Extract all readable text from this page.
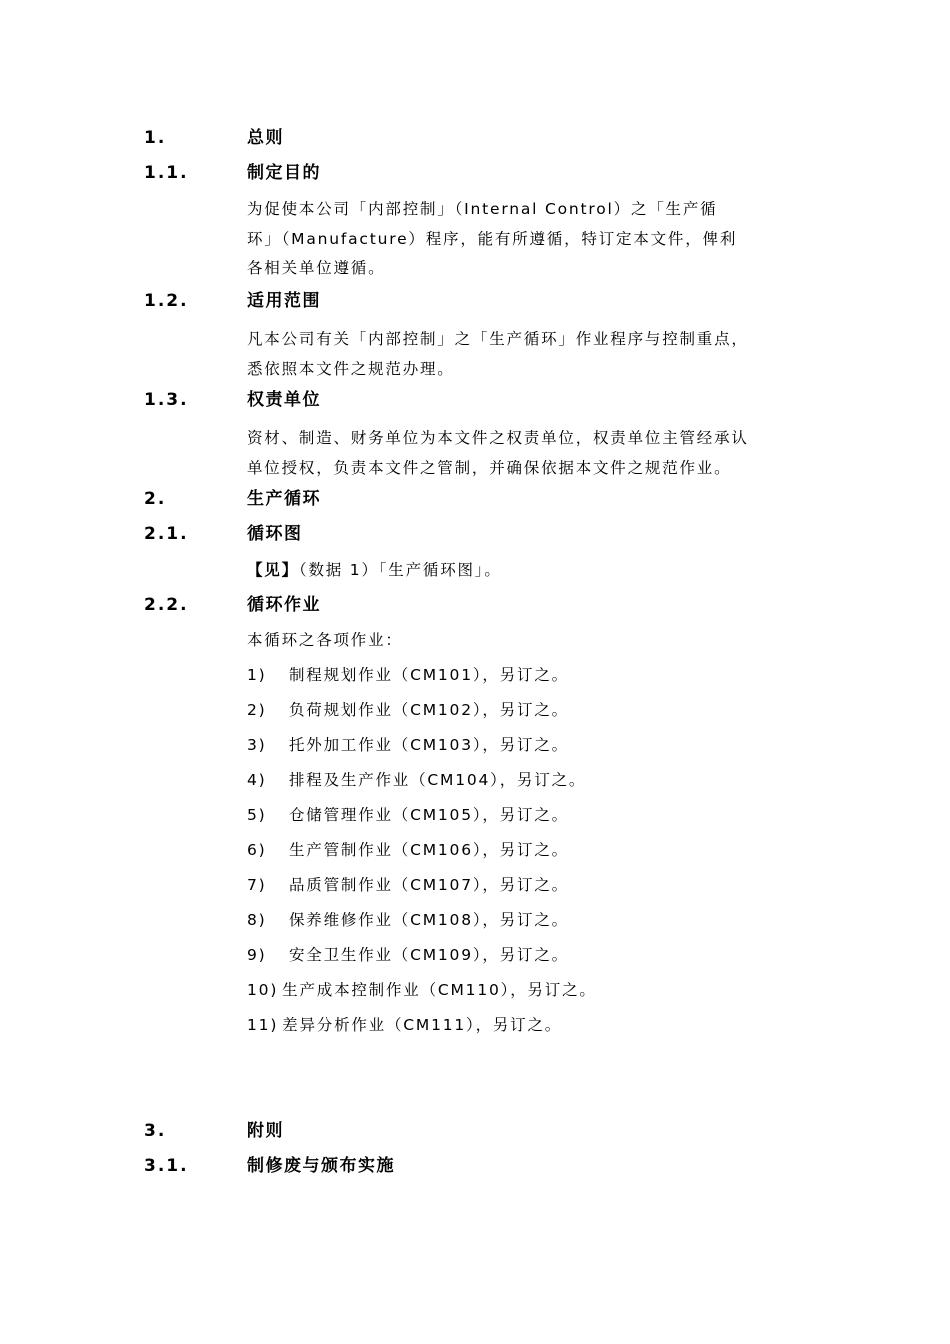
1.	总则
1.1.	制定目的
为促使本公司「内部控制」（Internal Control）之「生产循
环」（Manufacture）程序，能有所遵循，特订定本文件，俾利
各相关单位遵循。
1.2.	适用范围
凡本公司有关「内部控制」之「生产循环」作业程序与控制重点，
悉依照本文件之规范办理。
1.3.	权责单位
资材、制造、财务单位为本文件之权责单位，权责单位主管经承认
单位授权，负责本文件之管制，并确保依据本文件之规范作业。
2.	生产循环
2.1.	循环图
【见】（数据 1）「生产循环图」。
2.2.	循环作业
本循环之各项作业：
1) 制程规划作业（CM101），另订之。
2) 负荷规划作业（CM102），另订之。
3) 托外加工作业（CM103），另订之。
4) 排程及生产作业（CM104），另订之。
5) 仓储管理作业（CM105），另订之。
6) 生产管制作业（CM106），另订之。
7) 品质管制作业（CM107），另订之。
8) 保养维修作业（CM108），另订之。
9) 安全卫生作业（CM109），另订之。
10) 生产成本控制作业（CM110），另订之。
11) 差异分析作业（CM111），另订之。
3.	附则
3.1.	制修废与颁布实施
